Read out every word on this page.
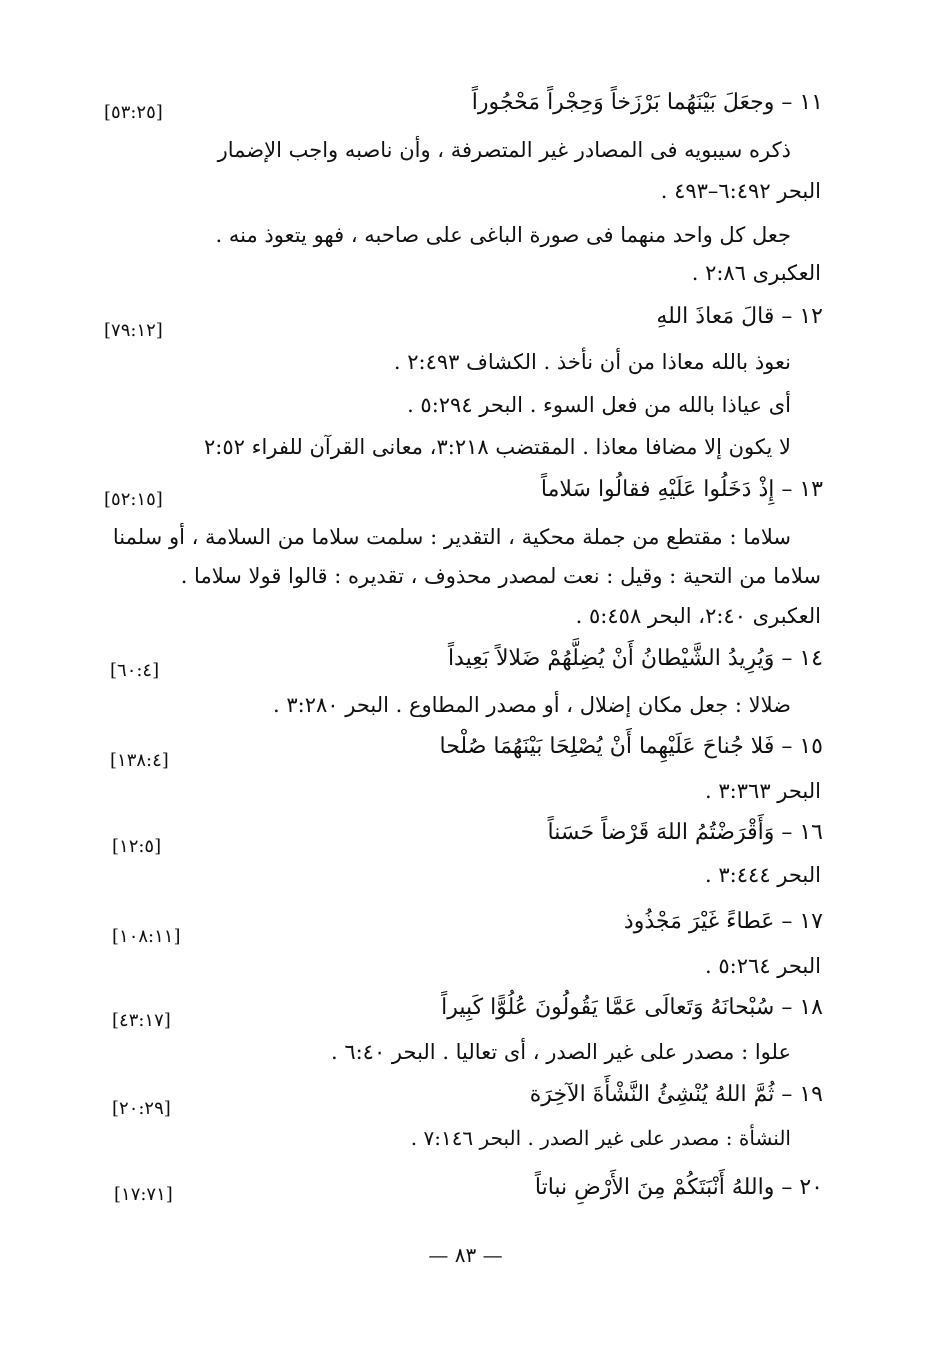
١١ – وجعَلَ بَيْنَهُما بَرْزَخاً وَحِجْراً مَحْجُوراً
[٥٣:٢٥]
ذكره سيبويه فى المصادر غير المتصرفة ، وأن ناصبه واجب الإضمار
البحر ٦:٤٩٢–٤٩٣ .
جعل كل واحد منهما فى صورة الباغى على صاحبه ، فهو يتعوذ منه .
العكبرى ٢:٨٦ .
١٢ – قالَ مَعاذَ اللهِ
[٧٩:١٢]
نعوذ بالله معاذا من أن نأخذ . الكشاف ٢:٤٩٣ .
أى عياذا بالله من فعل السوء . البحر ٥:٢٩٤ .
لا يكون إلا مضافا معاذا . المقتضب ٣:٢١٨، معانى القرآن للفراء ٢:٥٢
١٣ – إِذْ دَخَلُوا عَلَيْهِ فقالُوا سَلاماً
[٥٢:١٥]
سلاما : مقتطع من جملة محكية ، التقدير : سلمت سلاما من السلامة ، أو سلمنا
سلاما من التحية : وقيل : نعت لمصدر محذوف ، تقديره : قالوا قولا سلاما .
العكبرى ٢:٤٠، البحر ٥:٤٥٨ .
١٤ – وَيُرِيدُ الشَّيْطانُ أَنْ يُضِلَّهُمْ ضَلالاً بَعِيداً
[٦٠:٤]
ضلالا : جعل مكان إضلال ، أو مصدر المطاوع . البحر ٣:٢٨٠ .
١٥ – فَلا جُناحَ عَلَيْهِما أَنْ يُصْلِحَا بَيْنَهُمَا صُلْحا
[١٣٨:٤]
البحر ٣:٣٦٣ .
١٦ – وَأَقْرَضْتُمُ اللهَ قَرْضاً حَسَناً
[١٢:٥]
البحر ٣:٤٤٤ .
١٧ – عَطاءً غَيْرَ مَجْذُوذ
[١٠٨:١١]
البحر ٥:٢٦٤ .
١٨ – سُبْحانَهُ وَتَعالَى عَمَّا يَقُولُونَ عُلُوًّا كَبِيراً
[٤٣:١٧]
علوا : مصدر على غير الصدر ، أى تعاليا . البحر ٦:٤٠ .
١٩ – ثُمَّ اللهُ يُنْشِئُ النَّشْأَةَ الآخِرَة
[٢٠:٢٩]
النشأة : مصدر على غير الصدر . البحر ٧:١٤٦ .
٢٠ – واللهُ أَنْبَتَكُمْ مِنَ الأَرْضِ نباتاً
[١٧:٧١]
— ٨٣ —
